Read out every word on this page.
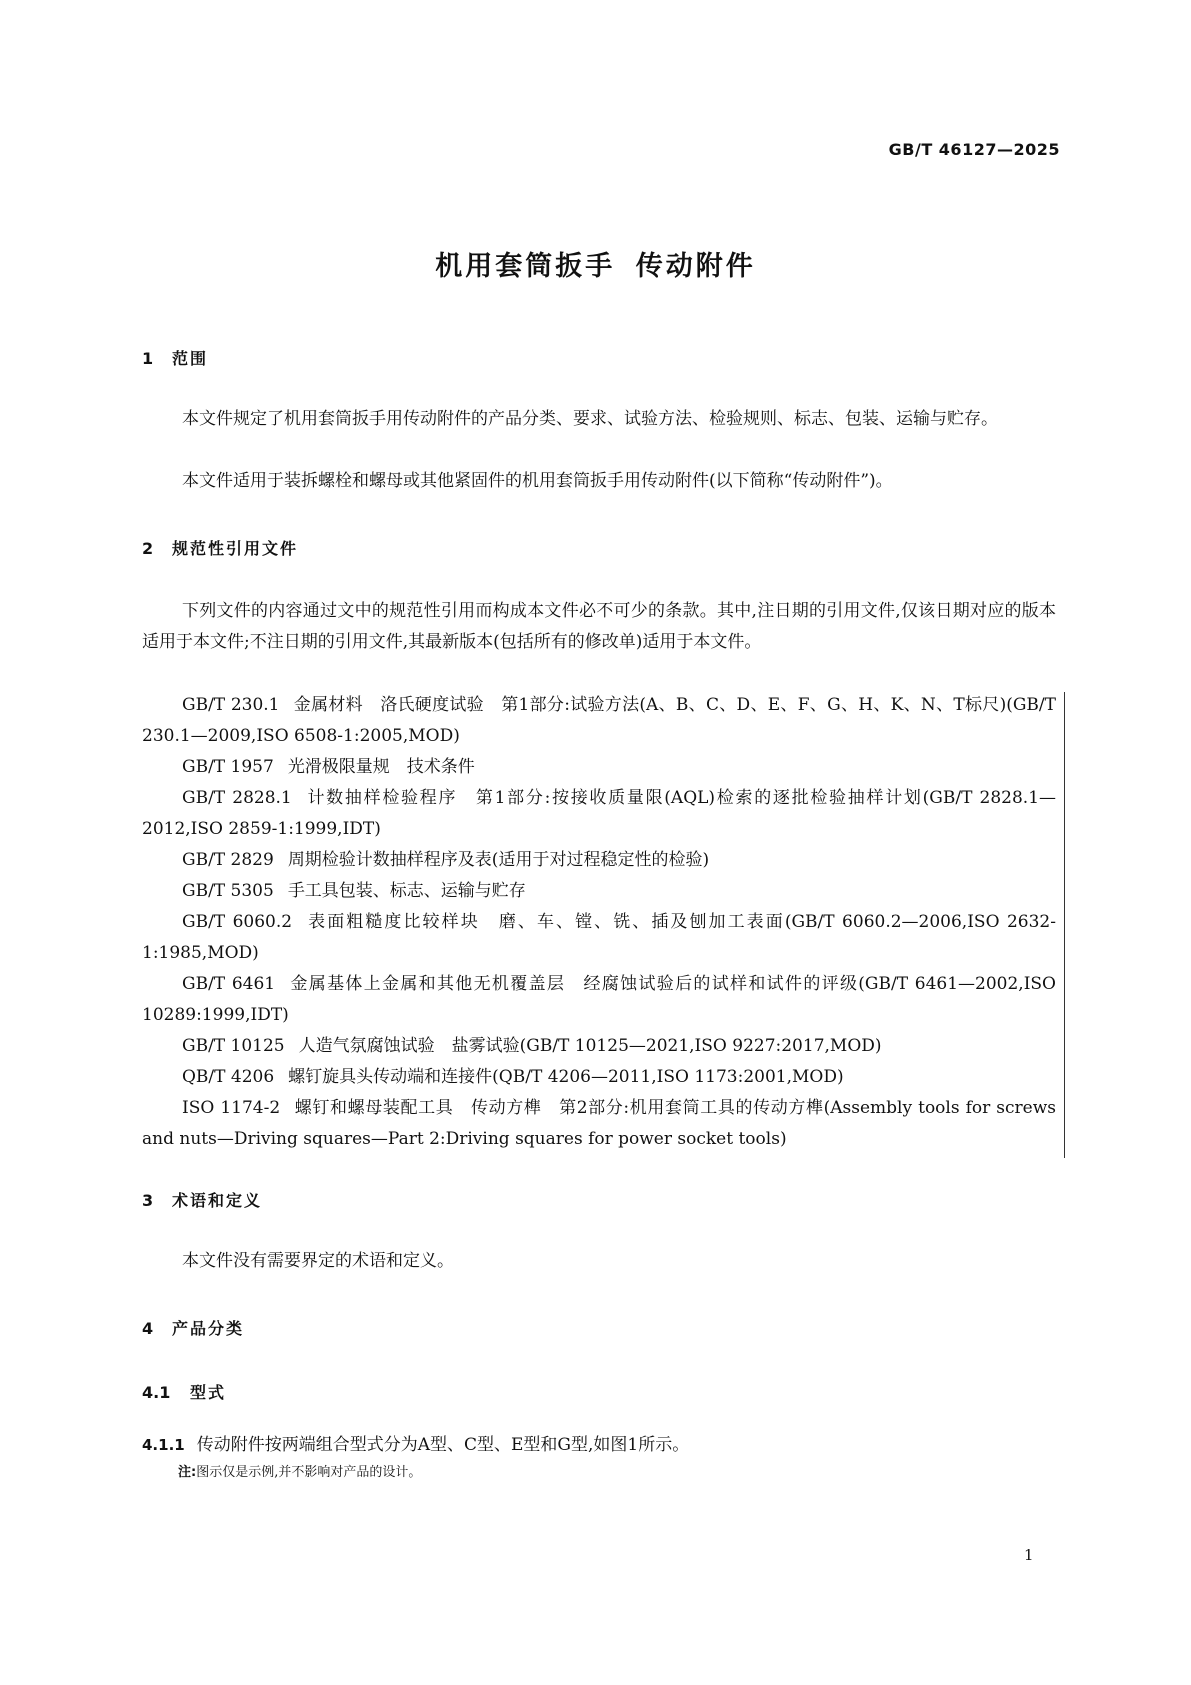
GB/T 46127—2025
机用套筒扳手 传动附件
1 范围
本文件规定了机用套筒扳手用传动附件的产品分类、要求、试验方法、检验规则、标志、包装、运输与贮存。
本文件适用于装拆螺栓和螺母或其他紧固件的机用套筒扳手用传动附件(以下简称“传动附件”)。
2 规范性引用文件
下列文件的内容通过文中的规范性引用而构成本文件必不可少的条款。其中,注日期的引用文件,仅该日期对应的版本适用于本文件;不注日期的引用文件,其最新版本(包括所有的修改单)适用于本文件。

GB/T 230.1 金属材料　洛氏硬度试验　第1部分:试验方法(A、B、C、D、E、F、G、H、K、N、T标尺)(GB/T 230.1—2009,ISO 6508-1:2005,MOD)

GB/T 1957 光滑极限量规　技术条件

GB/T 2828.1 计数抽样检验程序　第1部分:按接收质量限(AQL)检索的逐批检验抽样计划(GB/T 2828.1—2012,ISO 2859-1:1999,IDT)

GB/T 2829 周期检验计数抽样程序及表(适用于对过程稳定性的检验)

GB/T 5305 手工具包装、标志、运输与贮存

GB/T 6060.2 表面粗糙度比较样块　磨、车、镗、铣、插及刨加工表面(GB/T 6060.2—2006,ISO 2632-1:1985,MOD)

GB/T 6461 金属基体上金属和其他无机覆盖层　经腐蚀试验后的试样和试件的评级(GB/T 6461—2002,ISO 10289:1999,IDT)

GB/T 10125 人造气氛腐蚀试验　盐雾试验(GB/T 10125—2021,ISO 9227:2017,MOD)

QB/T 4206 螺钉旋具头传动端和连接件(QB/T 4206—2011,ISO 1173:2001,MOD)

ISO 1174-2 螺钉和螺母装配工具　传动方榫　第2部分:机用套筒工具的传动方榫(Assembly tools for screws and nuts—Driving squares—Part 2:Driving squares for power socket tools)

3 术语和定义
本文件没有需要界定的术语和定义。
4 产品分类
4.1 型式
4.1.1 传动附件按两端组合型式分为A型、C型、E型和G型,如图1所示。
注:图示仅是示例,并不影响对产品的设计。
1
